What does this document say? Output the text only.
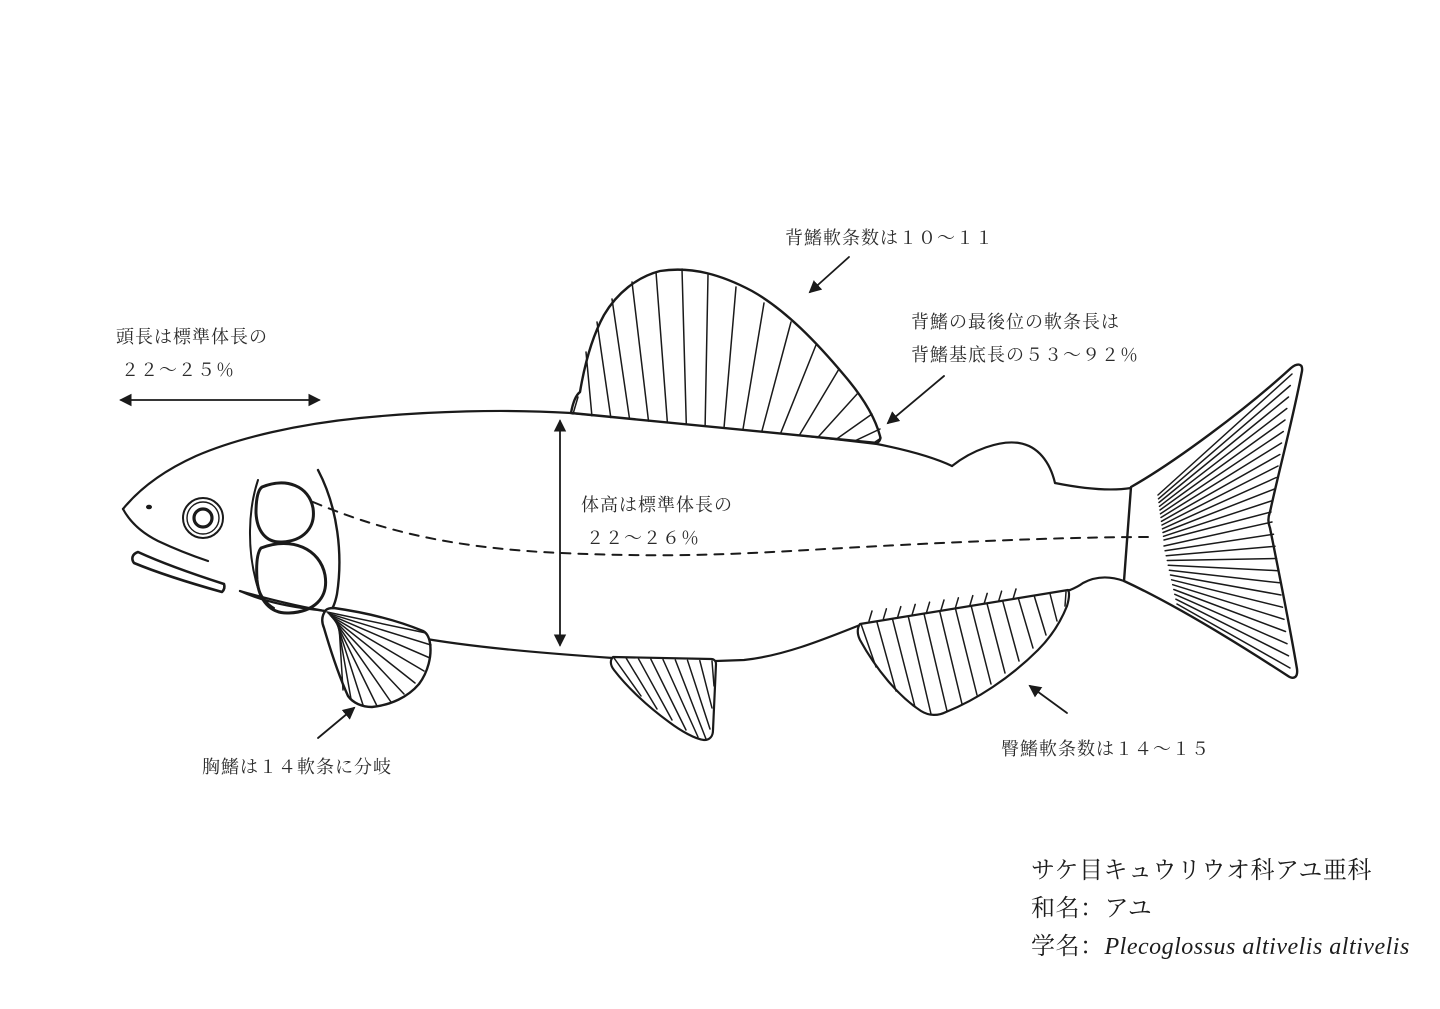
頭長は標準体長の
２２〜２５％
背鰭軟条数は１０〜１１
背鰭の最後位の軟条長は
背鰭基底長の５３〜９２％
体高は標準体長の
２２〜２６％
胸鰭は１４軟条に分岐
臀鰭軟条数は１４〜１５
サケ目キュウリウオ科アユ亜科
和名：アユ
学名：Plecoglossus altivelis altivelis
